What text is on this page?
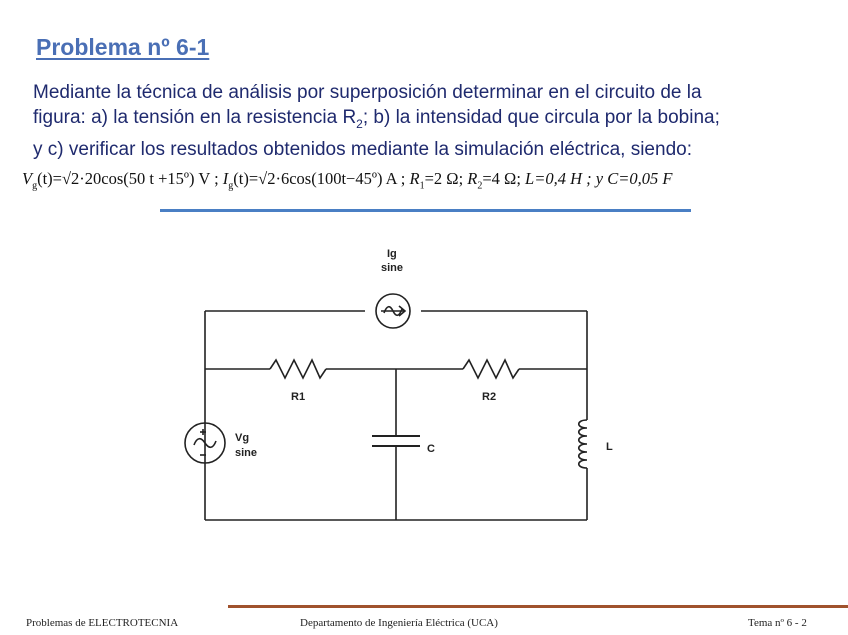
Problema nº 6-1
Mediante la técnica de análisis por superposición determinar en el circuito de la
figura: a) la tensión en la resistencia $R_2$; b) la intensidad que circula por la bobina;
y c) verificar los resultados obtenidos mediante la simulación eléctrica, siendo:
$V_g(t)=√2\cdot 20\cos(50$ t +15º) V ; $I_g(t)=√2\cdot 6\cos(100t-45º)$ A ; $R_1=2$ Ω; $R_2=4$ Ω; L=0,4 H ; y C=0,05 F
Ig
sine
R1	R2
C	L
Vg
sine
Problemas de ELECTROTECNIA	Departamento de Ingeniería Eléctrica (UCA)	Tema nº 6 - 2
